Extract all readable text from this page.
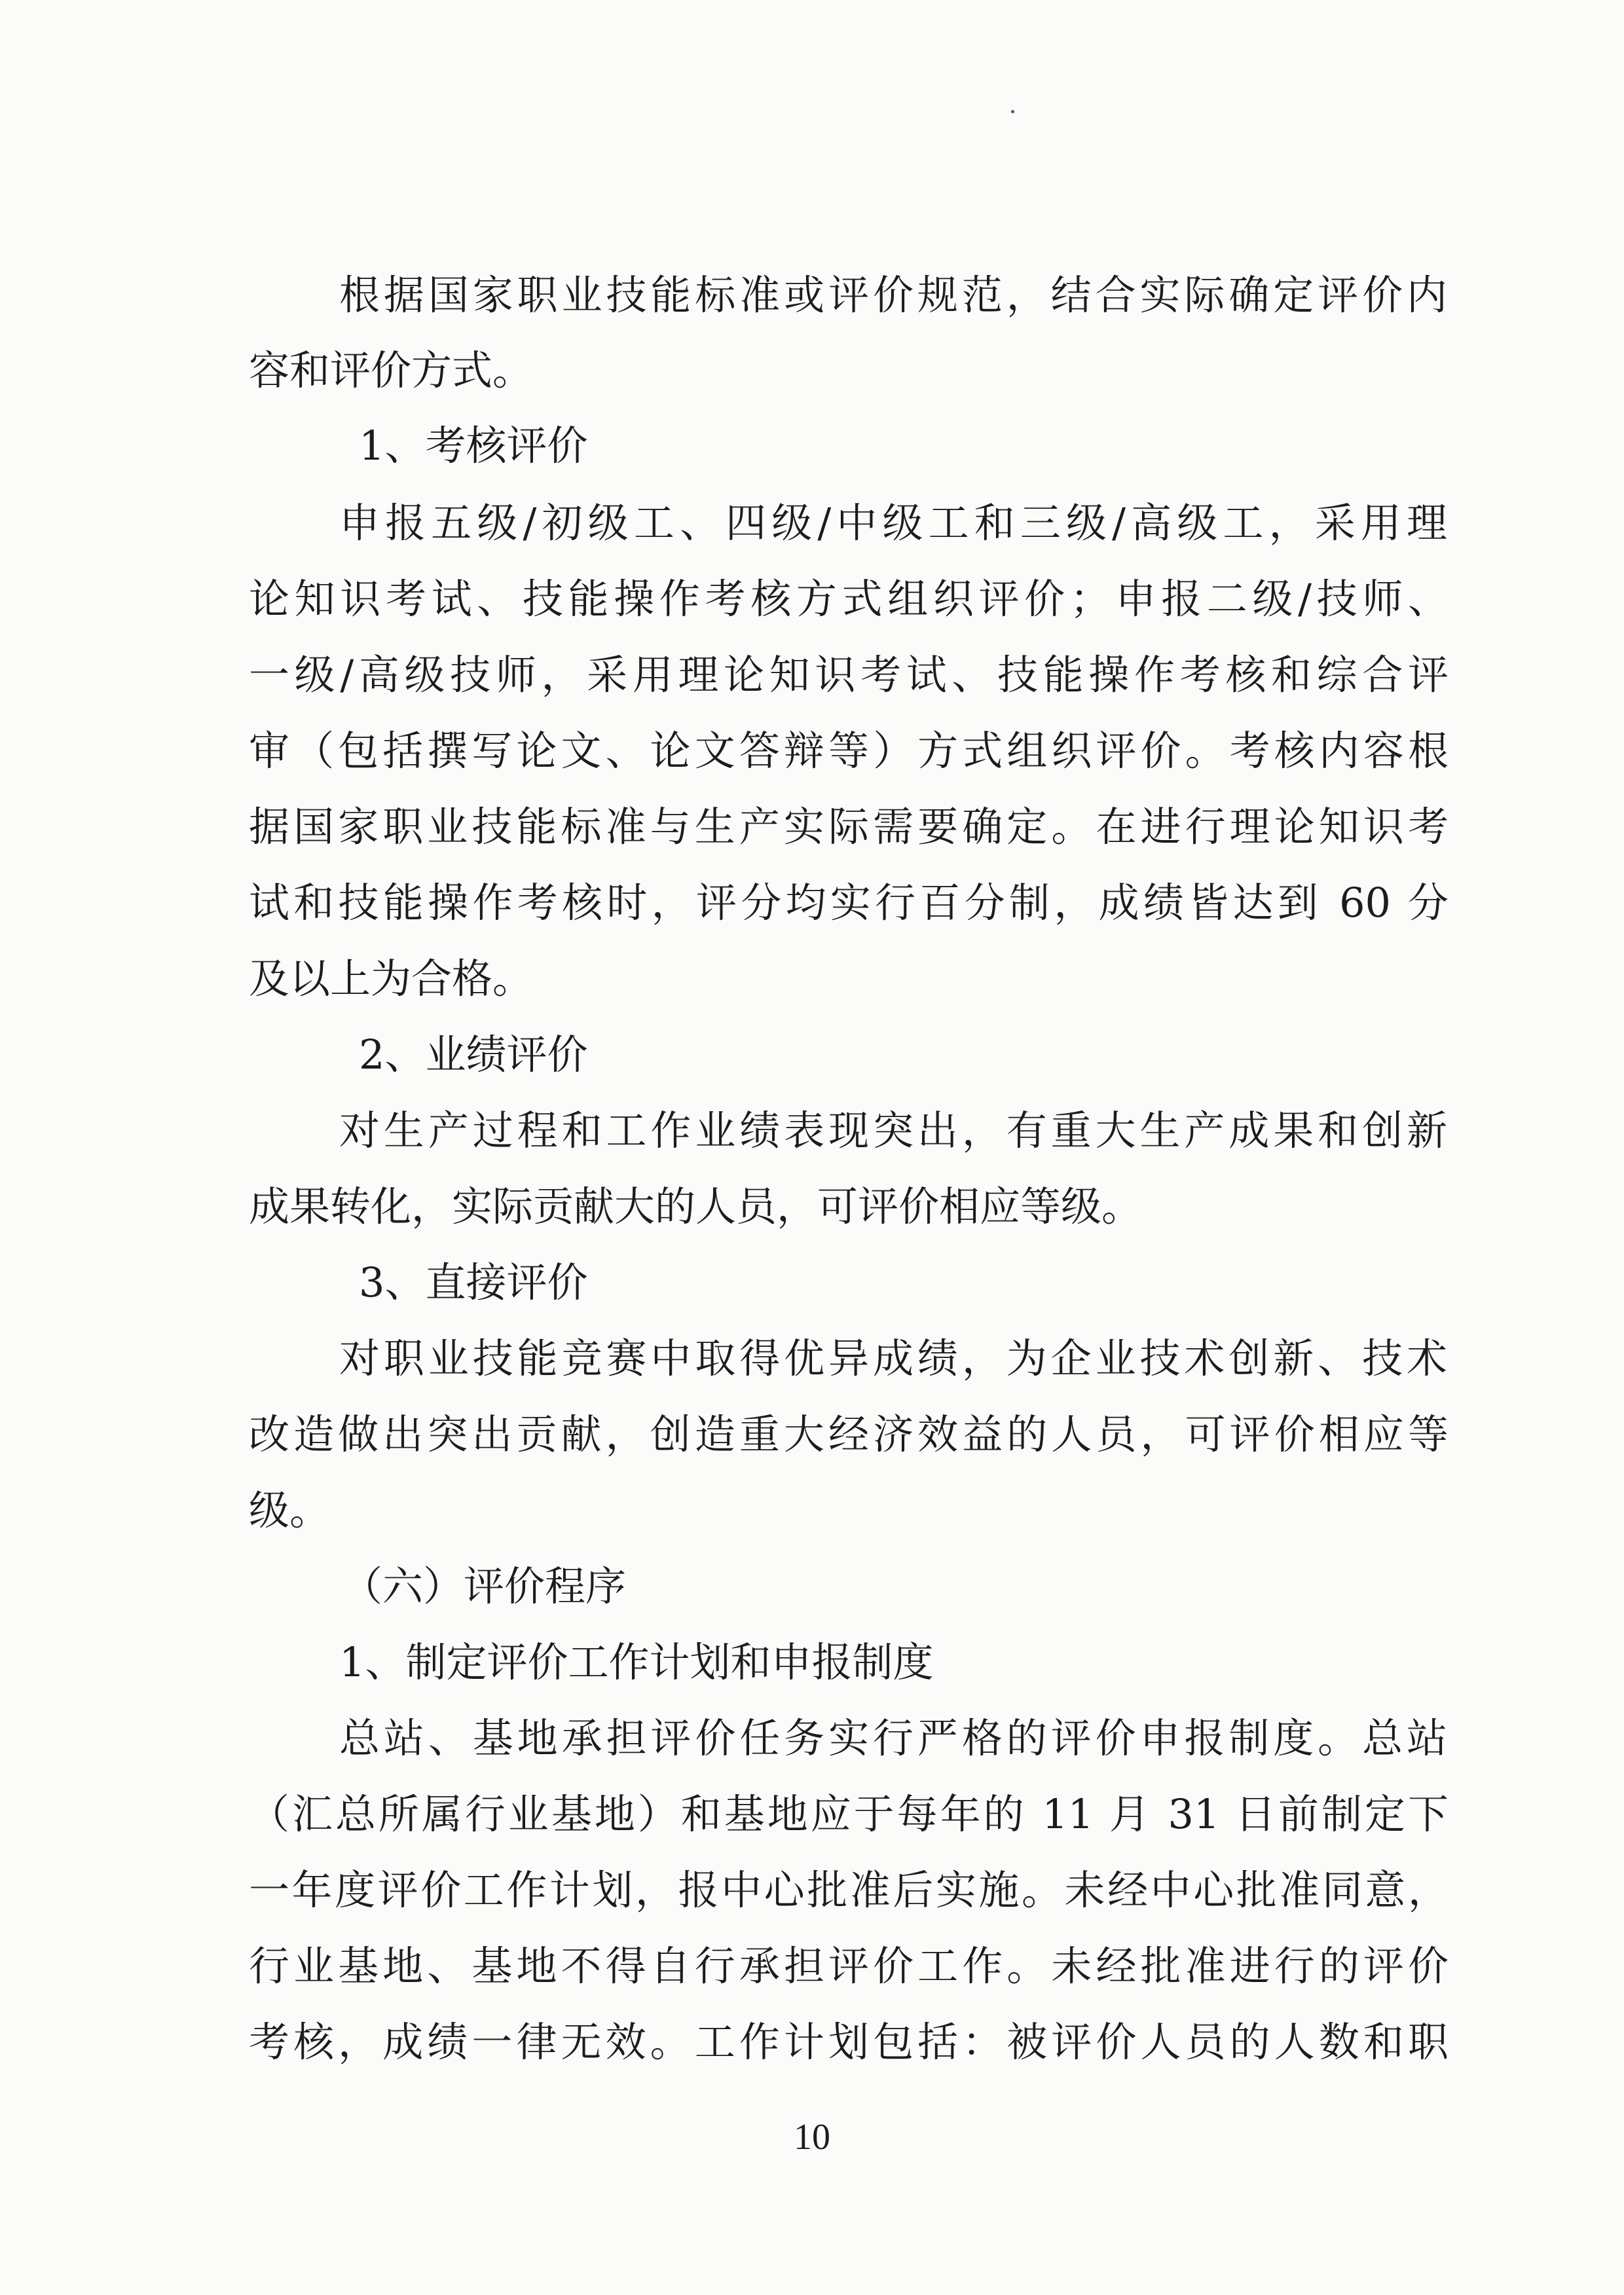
根据国家职业技能标准或评价规范，结合实际确定评价内
容和评价方式。
1、考核评价
申报五级/初级工、四级/中级工和三级/高级工，采用理
论知识考试、技能操作考核方式组织评价；申报二级/技师、
一级/高级技师，采用理论知识考试、技能操作考核和综合评
审（包括撰写论文、论文答辩等）方式组织评价。考核内容根
据国家职业技能标准与生产实际需要确定。在进行理论知识考
试和技能操作考核时，评分均实行百分制，成绩皆达到 60 分
及以上为合格。
2、业绩评价
对生产过程和工作业绩表现突出，有重大生产成果和创新
成果转化，实际贡献大的人员，可评价相应等级。
3、直接评价
对职业技能竞赛中取得优异成绩，为企业技术创新、技术
改造做出突出贡献，创造重大经济效益的人员，可评价相应等
级。
（六）评价程序
1、制定评价工作计划和申报制度
总站、基地承担评价任务实行严格的评价申报制度。总站
（汇总所属行业基地）和基地应于每年的 11 月 31 日前制定下
一年度评价工作计划，报中心批准后实施。未经中心批准同意，
行业基地、基地不得自行承担评价工作。未经批准进行的评价
考核，成绩一律无效。工作计划包括：被评价人员的人数和职
10
